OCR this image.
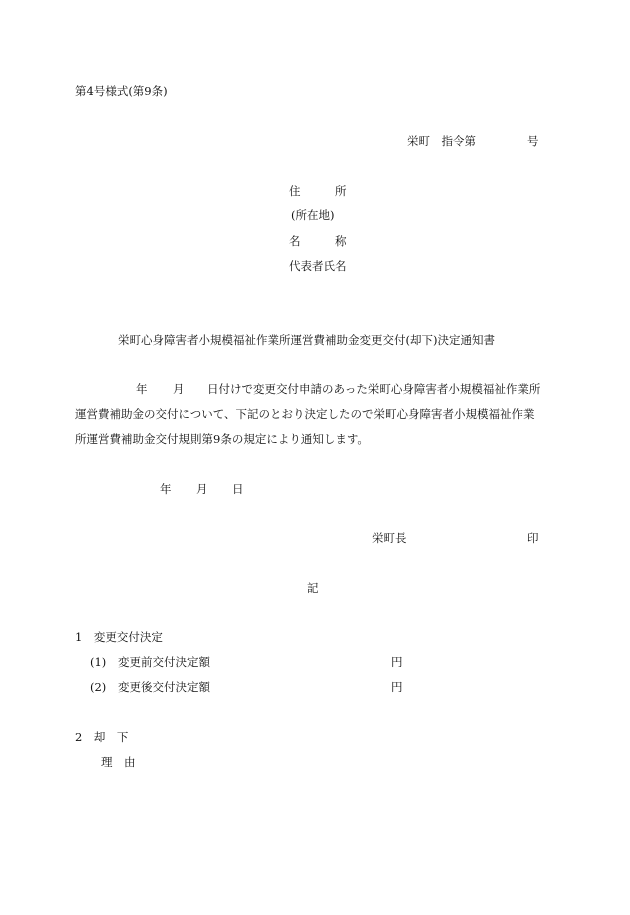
第4号様式(第9条)

栄町　指令第	号

住　　　所

(所在地)

名　　　称

代表者氏名

栄町心身障害者小規模福祉作業所運営費補助金変更交付(却下)決定通知書

年 月 日付けで変更交付申請のあった栄町心身障害者小規模福祉作業所

運営費補助金の交付について、下記のとおり決定したので栄町心身障害者小規模福祉作業

所運営費補助金交付規則第9条の規定により通知します。

年 月 日

栄町長	印

記

1　変更交付決定

(1) 変更前交付決定額	円

(2) 変更後交付決定額	円

2　却　下

理　由
